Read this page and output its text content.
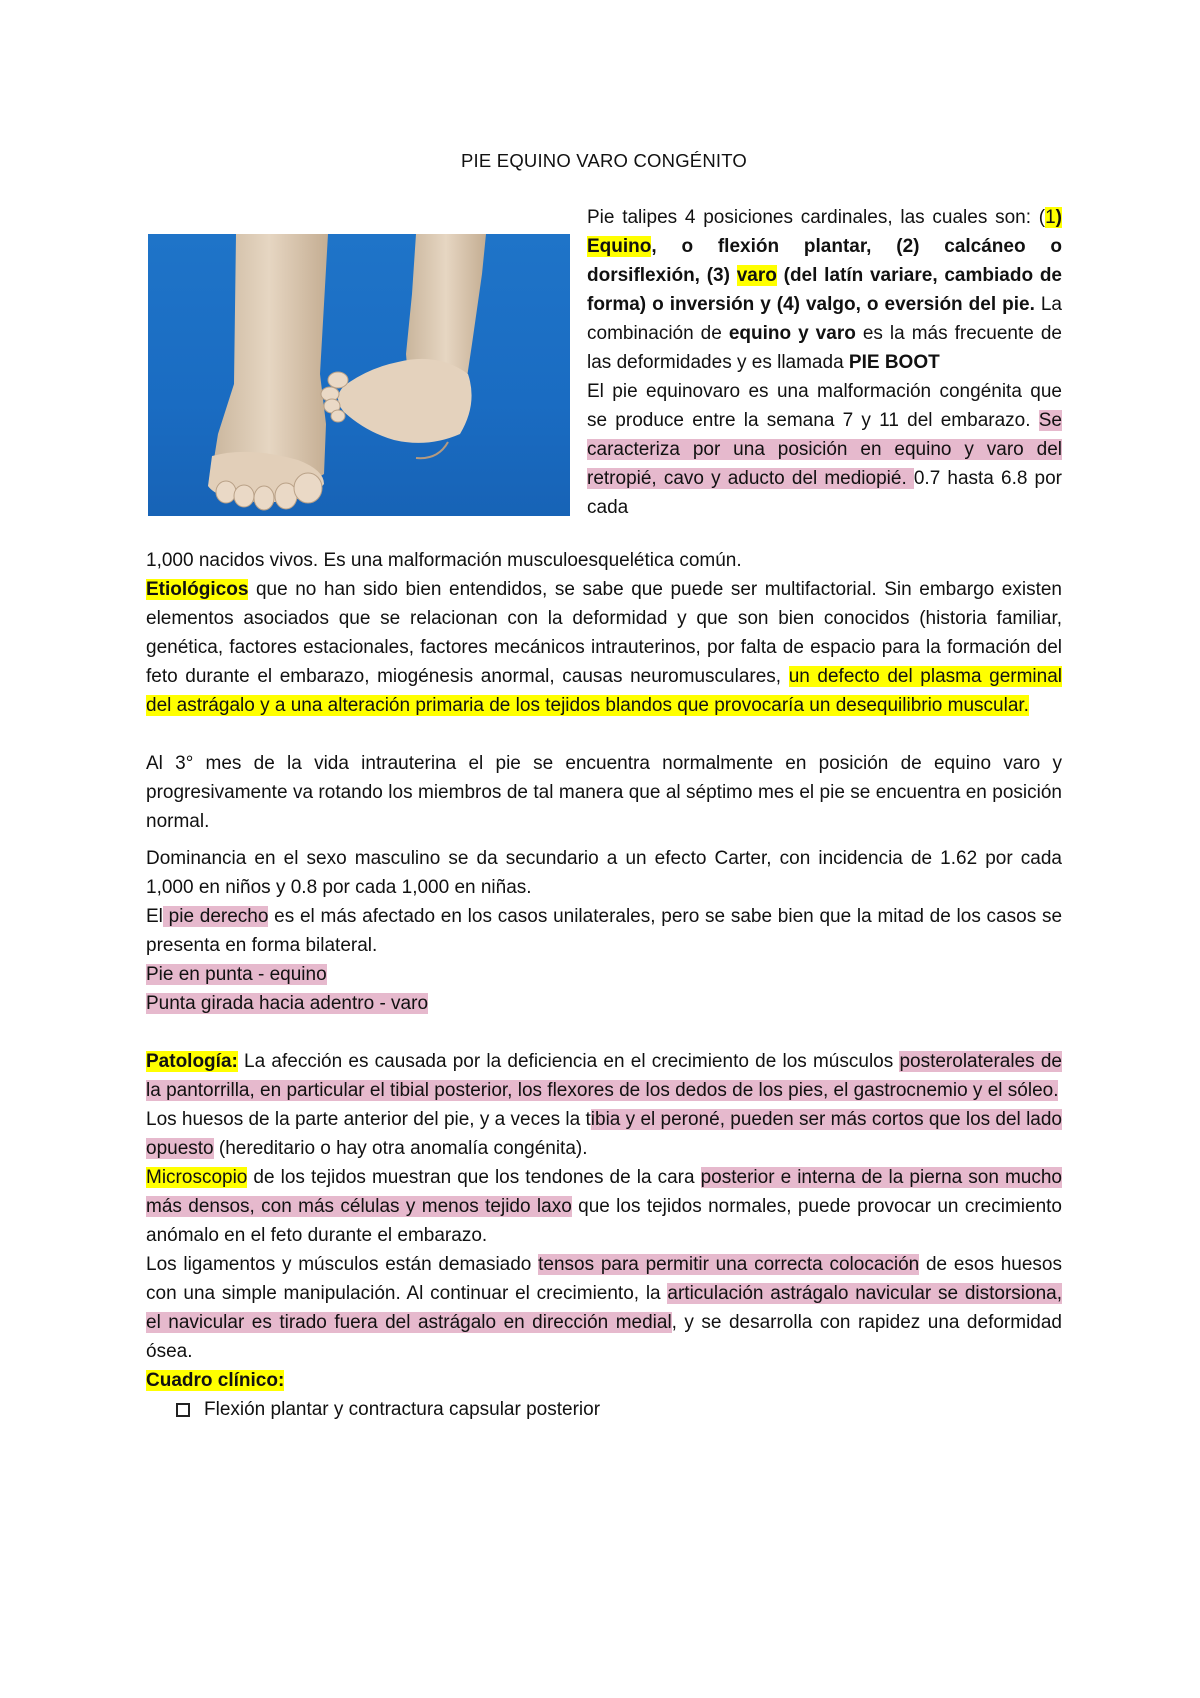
PIE EQUINO VARO CONGÉNITO

Pie talipes 4 posiciones cardinales, las cuales son: (1) Equino, o flexión plantar, (2) calcáneo o dorsiflexión, (3) varo (del latín variare, cambiado de forma) o inversión y (4) valgo, o eversión del pie. La combinación de equino y varo es la más frecuente de las deformidades y es llamada PIE BOOT

El pie equinovaro es una malformación congénita que se produce entre la semana 7 y 11 del embarazo. Se caracteriza por una posición en equino y varo del retropié, cavo y aducto del mediopié. 0.7 hasta 6.8 por cada

1,000 nacidos vivos. Es una malformación musculoesquelética común.

Etiológicos que no han sido bien entendidos, se sabe que puede ser multifactorial. Sin embargo existen elementos asociados que se relacionan con la deformidad y que son bien conocidos (historia familiar, genética, factores estacionales, factores mecánicos intrauterinos, por falta de espacio para la formación del feto durante el embarazo, miogénesis anormal, causas neuromusculares, un defecto del plasma germinal del astrágalo y a una alteración primaria de los tejidos blandos que provocaría un desequilibrio muscular.

Al 3° mes de la vida intrauterina el pie se encuentra normalmente en posición de equino varo y progresivamente va rotando los miembros de tal manera que al séptimo mes el pie se encuentra en posición normal.

Dominancia en el sexo masculino se da secundario a un efecto Carter, con incidencia de 1.62 por cada 1,000 en niños y 0.8 por cada 1,000 en niñas.

El pie derecho es el más afectado en los casos unilaterales, pero se sabe bien que la mitad de los casos se presenta en forma bilateral.

Pie en punta - equino

Punta girada hacia adentro - varo

Patología: La afección es causada por la deficiencia en el crecimiento de los músculos posterolaterales de la pantorrilla, en particular el tibial posterior, los flexores de los dedos de los pies, el gastrocnemio y el sóleo.

Los huesos de la parte anterior del pie, y a veces la tibia y el peroné, pueden ser más cortos que los del lado opuesto (hereditario o hay otra anomalía congénita).

Microscopio de los tejidos muestran que los tendones de la cara posterior e interna de la pierna son mucho más densos, con más células y menos tejido laxo que los tejidos normales, puede provocar un crecimiento anómalo en el feto durante el embarazo.

Los ligamentos y músculos están demasiado tensos para permitir una correcta colocación de esos huesos con una simple manipulación. Al continuar el crecimiento, la articulación astrágalo navicular se distorsiona, el navicular es tirado fuera del astrágalo en dirección medial, y se desarrolla con rapidez una deformidad ósea.

Cuadro clínico:

Flexión plantar y contractura capsular posterior
